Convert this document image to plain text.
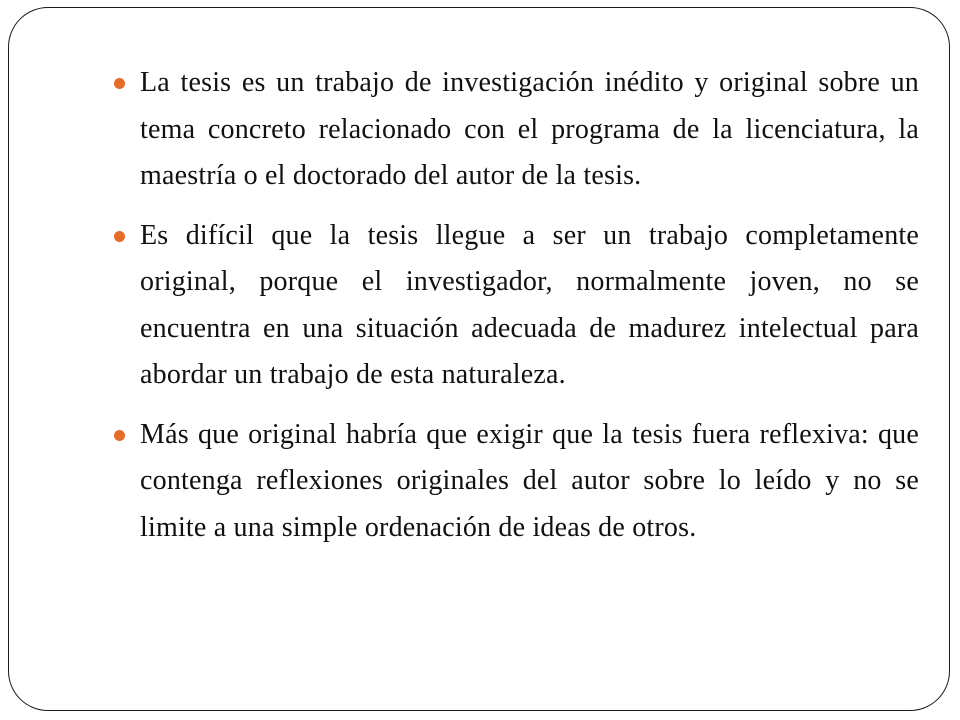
La tesis es un trabajo de investigación inédito y original sobre un tema concreto relacionado con el programa de la licenciatura, la maestría o el doctorado del autor de la tesis.
Es difícil que la tesis llegue a ser un trabajo completamente original, porque el investigador, normalmente joven, no se encuentra en una situación adecuada de madurez intelectual para abordar un trabajo de esta naturaleza.
Más que original habría que exigir que la tesis fuera reflexiva: que contenga reflexiones originales del autor sobre lo leído y no se limite a una simple ordenación de ideas de otros.
